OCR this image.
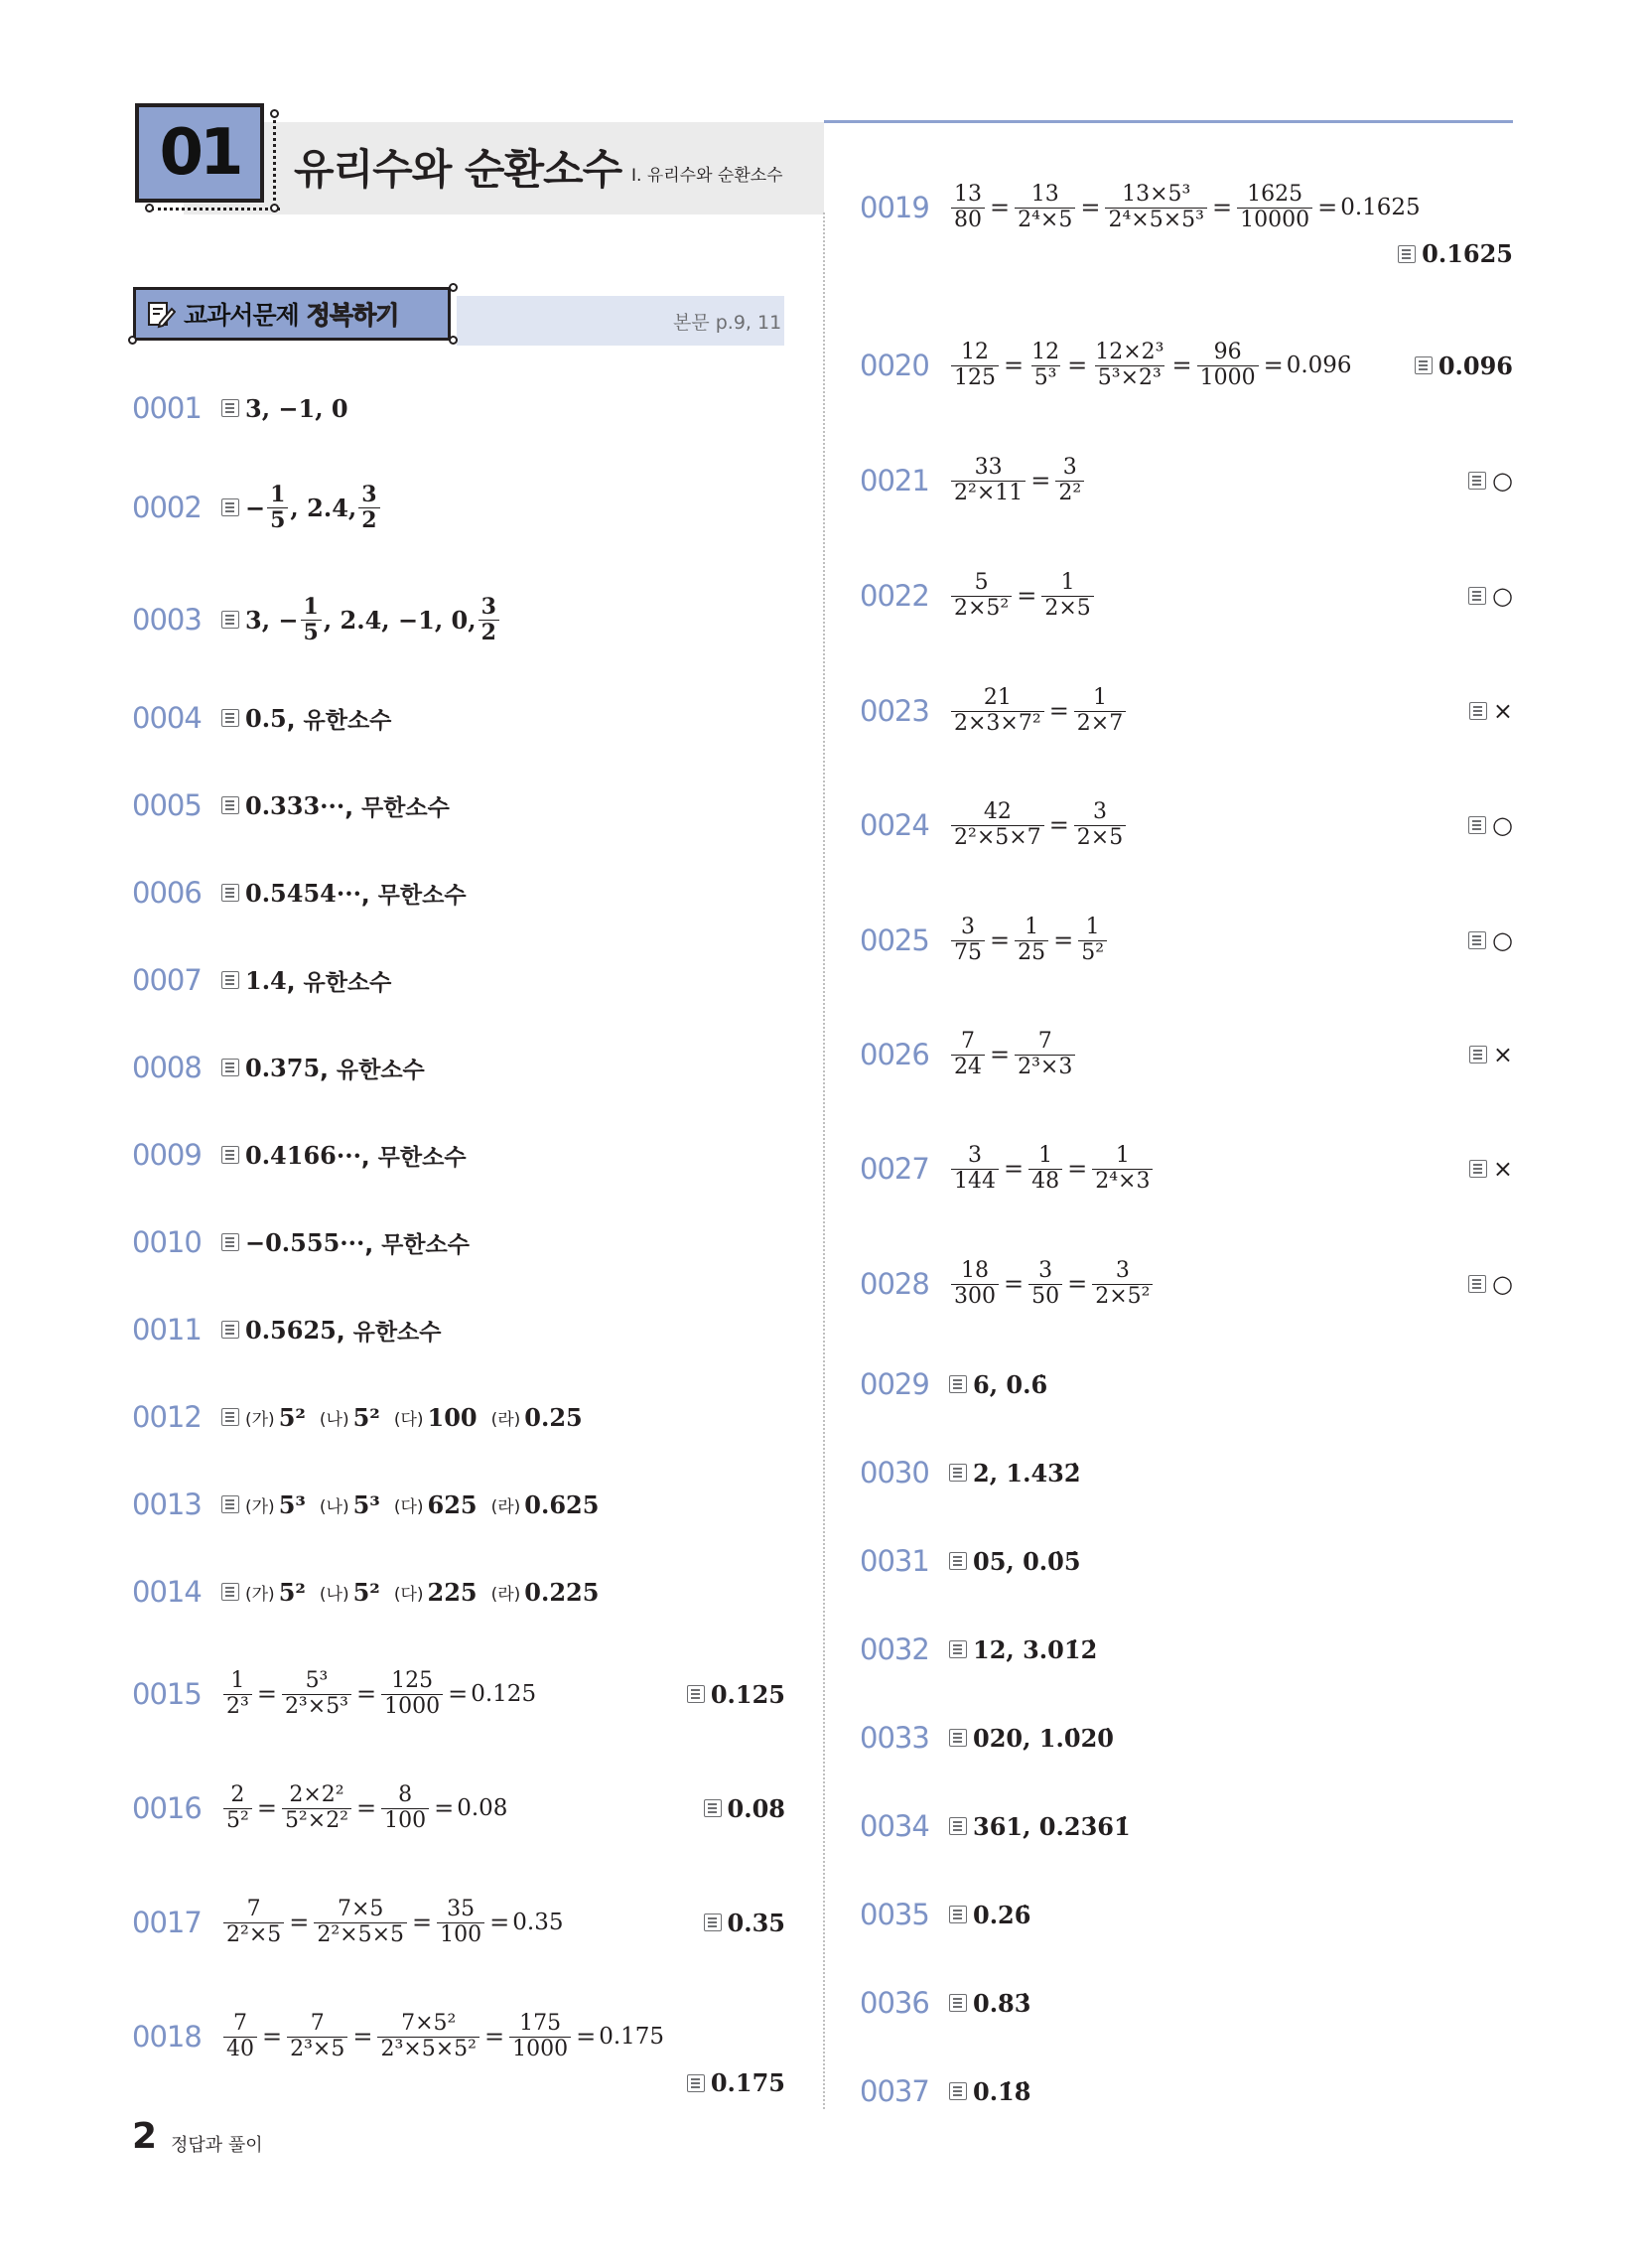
01 유리수와 순환소수 I. 유리수와 순환소수
교과서문제 정복하기	본문 p.9, 11
0001	3, −1, 0
0002	− $\frac{1}{5}$ , 2.4, $\frac{3}{2}$
0003	3, − $\frac{1}{5}$ , 2.4, −1, 0, $\frac{3}{2}$
0004	0.5 , 유한소수
0005	0.333··· , 무한소수
0006	0.5454··· , 무한소수
0007	1.4 , 유한소수
0008	0.375 , 유한소수
0009	0.4166··· , 무한소수
0010	−0.555··· , 무한소수
0011	0.5625 , 유한소수
0012	(가) 5² (나) 5² (다) 100 (라) 0.25
0013	(가) 5³ (나) 5³ (다) 625 (라) 0.625
0014	(가) 5² (나) 5² (다) 225 (라) 0.225
0015	$\frac{1}{\text{2³}} = \frac{\text{5³}}{\text{2³×5³}} = \frac{125}{1000} = 0.125$	0.125
0016	$\frac{2}{\text{5²}} = \frac{\text{2×2²}}{\text{5²×2²}} = \frac{8}{100} = 0.08$	0.08
0017	$\frac{7}{\text{2²×5}} = \frac{7\times 5}{\text{2²×5×5}} = \frac{35}{100} = 0.35$	0.35
0018	$\frac{7}{40} = \frac{7}{\text{2³×5}} = \frac{\text{7×5²}}{\text{2³×5×5²}} = \frac{175}{1000} = 0.175$
0.175
0019	$\frac{13}{80} = \frac{13}{\text{2⁴×5}} = \frac{\text{13×5³}}{\text{2⁴×5×5³}} = \frac{1625}{10000} = 0.1625$
0.1625
0020	$\frac{12}{125} = \frac{12}{\text{5³}} = \frac{\text{12×2³}}{\text{5³×2³}} = \frac{96}{1000} = 0.096$	0.096
0021	$\frac{33}{\text{2²×11}} = \frac{3}{\text{2²}}$	○
0022	$\frac{5}{\text{2×5²}} = \frac{1}{2\times 5}$	○
0023	$\frac{21}{\text{2×3×7²}} = \frac{1}{2\times 7}$	×
0024	$\frac{42}{\text{2²×5×7}} = \frac{3}{2\times 5}$	○
0025	$\frac{3}{75} = \frac{1}{25} = \frac{1}{\text{5²}}$	○
0026	$\frac{7}{24} = \frac{7}{\text{2³×3}}$	×
0027	$\frac{3}{144} = \frac{1}{48} = \frac{1}{\text{2⁴×3}}$	×
0028	$\frac{18}{300} = \frac{3}{50} = \frac{3}{\text{2×5²}}$	○
0029	6, 0.6̇
0030	2, 1.432̇
0031	05, 0.0̇5̇
0032	12, 3.01̇2̇
0033	020, 1.0̇20̇
0034	361, 0.23̇61̇
0035	0.26̇
0036	0.83̇
0037	0.1̇8̇
2 정답과 풀이
